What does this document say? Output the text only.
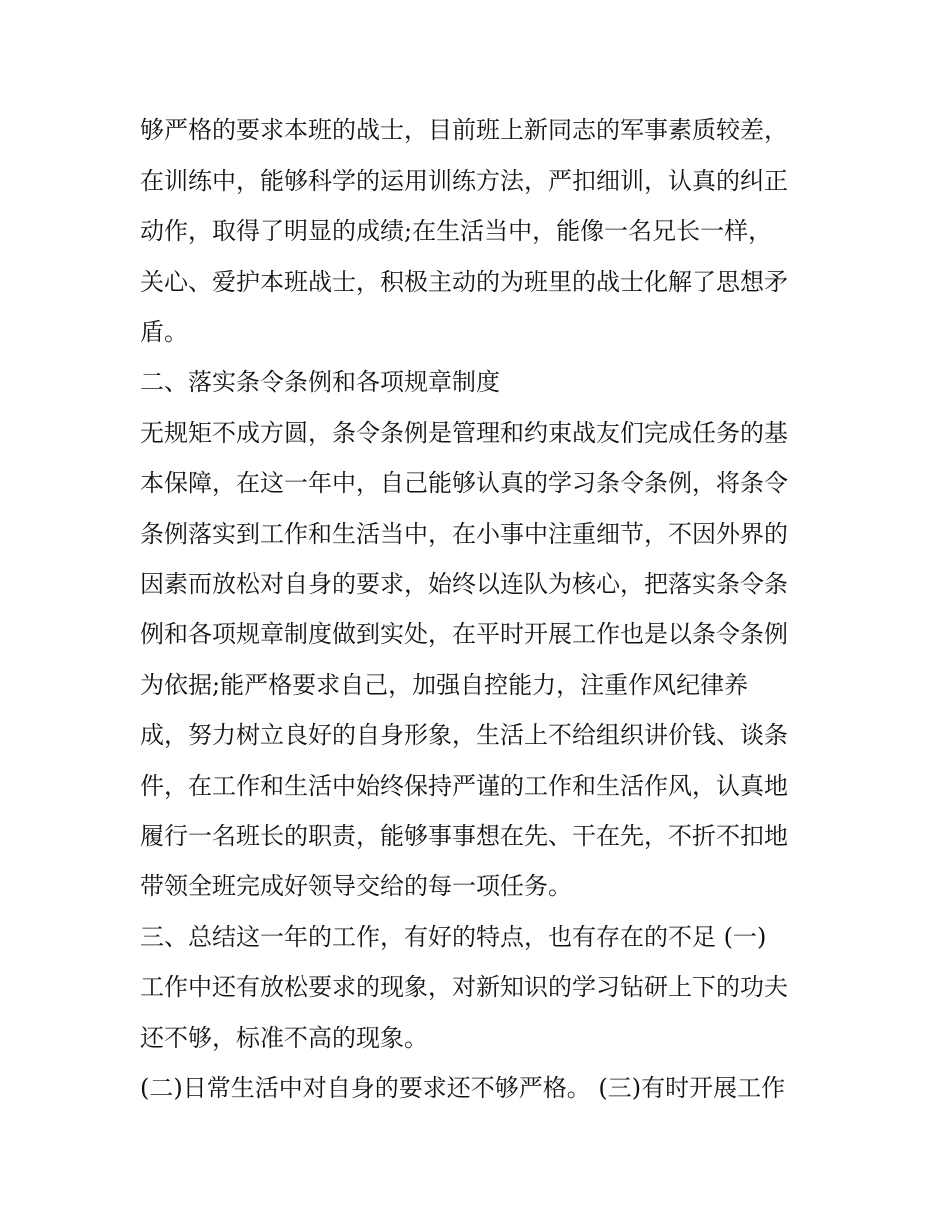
够严格的要求本班的战士，目前班上新同志的军事素质较差，
在训练中，能够科学的运用训练方法，严扣细训，认真的纠正
动作，取得了明显的成绩;在生活当中，能像一名兄长一样，
关心、爱护本班战士，积极主动的为班里的战士化解了思想矛
盾。
二、落实条令条例和各项规章制度
无规矩不成方圆，条令条例是管理和约束战友们完成任务的基
本保障，在这一年中，自己能够认真的学习条令条例，将条令
条例落实到工作和生活当中，在小事中注重细节，不因外界的
因素而放松对自身的要求，始终以连队为核心，把落实条令条
例和各项规章制度做到实处，在平时开展工作也是以条令条例
为依据;能严格要求自己，加强自控能力，注重作风纪律养
成，努力树立良好的自身形象，生活上不给组织讲价钱、谈条
件，在工作和生活中始终保持严谨的工作和生活作风，认真地
履行一名班长的职责，能够事事想在先、干在先，不折不扣地
带领全班完成好领导交给的每一项任务。
三、总结这一年的工作，有好的特点，也有存在的不足 (一)
工作中还有放松要求的现象，对新知识的学习钻研上下的功夫
还不够，标准不高的现象。
(二)日常生活中对自身的要求还不够严格。 (三)有时开展工作
